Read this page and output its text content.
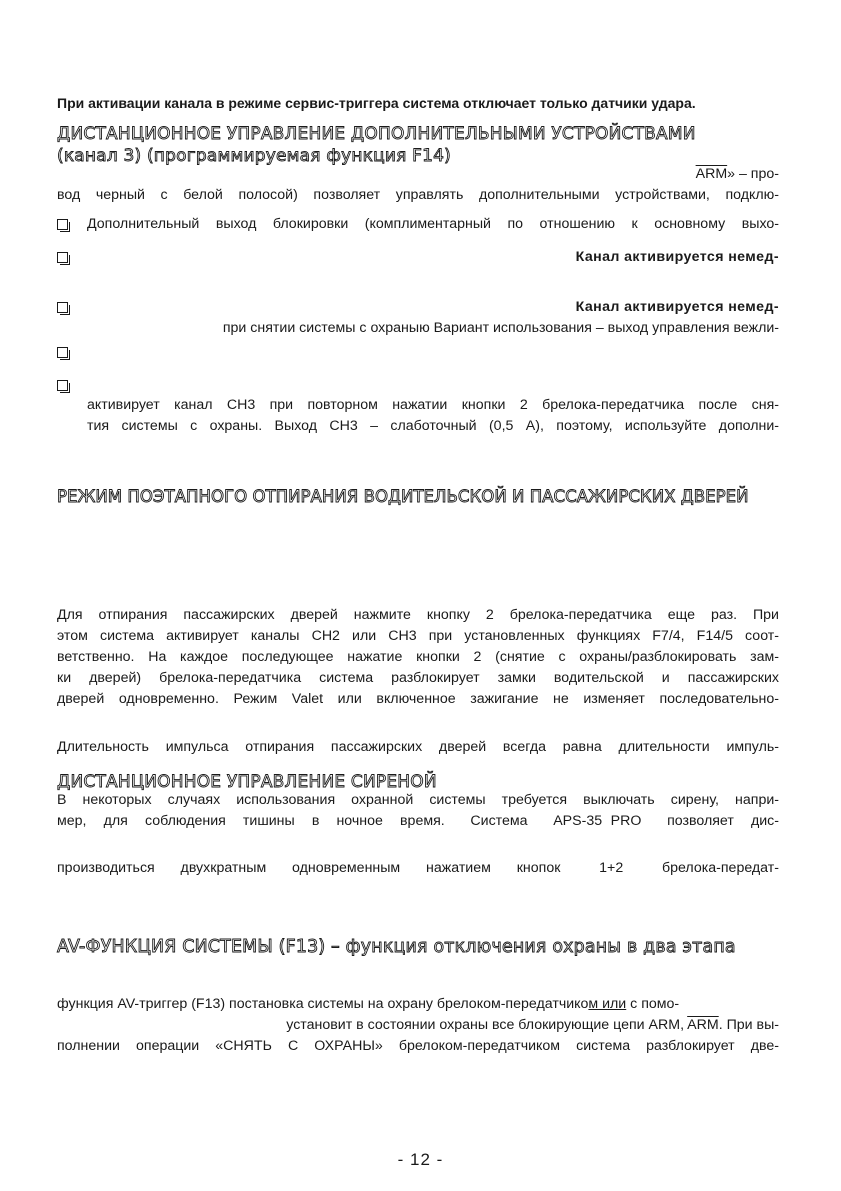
При активации канала в режиме сервис-триггера система отключает только датчики удара.
ДИСТАНЦИОННОЕ УПРАВЛЕНИЕ ДОПОЛНИТЕЛЬНЫМИ УСТРОЙСТВАМИ
(канал 3) (программируемая функция F14)
$\overline{ARM}$» – про-
вод черный с белой полосой) позволяет управлять дополнительными устройствами, подклю-
Дополнительный выход блокировки (комплиментарный по отношению к основному выхо-
Канал активируется немед-
Канал активируется немед-
при снятии системы с охраныю Вариант использования – выход управления вежли-
активирует канал CH3 при повторном нажатии кнопки 2 брелока-передатчика после сня-
тия системы с охраны. Выход CH3 – слаботочный (0,5 А), поэтому, используйте дополни-
РЕЖИМ ПОЭТАПНОГО ОТПИРАНИЯ ВОДИТЕЛЬСКОЙ И ПАССАЖИРСКИХ ДВЕРЕЙ
Для отпирания пассажирских дверей нажмите кнопку 2 брелока-передатчика еще раз. При
этом система активирует каналы CH2 или CH3 при установленных функциях F7/4, F14/5 соот-
ветственно. На каждое последующее нажатие кнопки 2 (снятие с охраны/разблокировать зам-
ки дверей) брелока-передатчика система разблокирует замки водительской и пассажирских
дверей одновременно. Режим Valet или включенное зажигание не изменяет последовательно-
Длительность импульса отпирания пассажирских дверей всегда равна длительности импуль-
ДИСТАНЦИОННОЕ УПРАВЛЕНИЕ СИРЕНОЙ
В некоторых случаях использования охранной системы требуется выключать сирену, напри-
мер,  для  соблюдения  тишины  в  ночное  время.   Система   APS-35 PRO   позволяет  дис-
производиться  двухкратным  одновременным  нажатием  кнопок   1+2   брелока-передат-
AV-ФУНКЦИЯ СИСТЕМЫ (F13) – функция отключения охраны в два этапа
функция AV-триггер (F13) постановка системы на охрану брелоком-передатчиком или с помо-
установит в состоянии охраны все блокирующие цепи ARM, $\overline{ARM}$. При вы-
полнении операции «СНЯТЬ С ОХРАНЫ» брелоком-передатчиком система разблокирует две-
- 12 -
